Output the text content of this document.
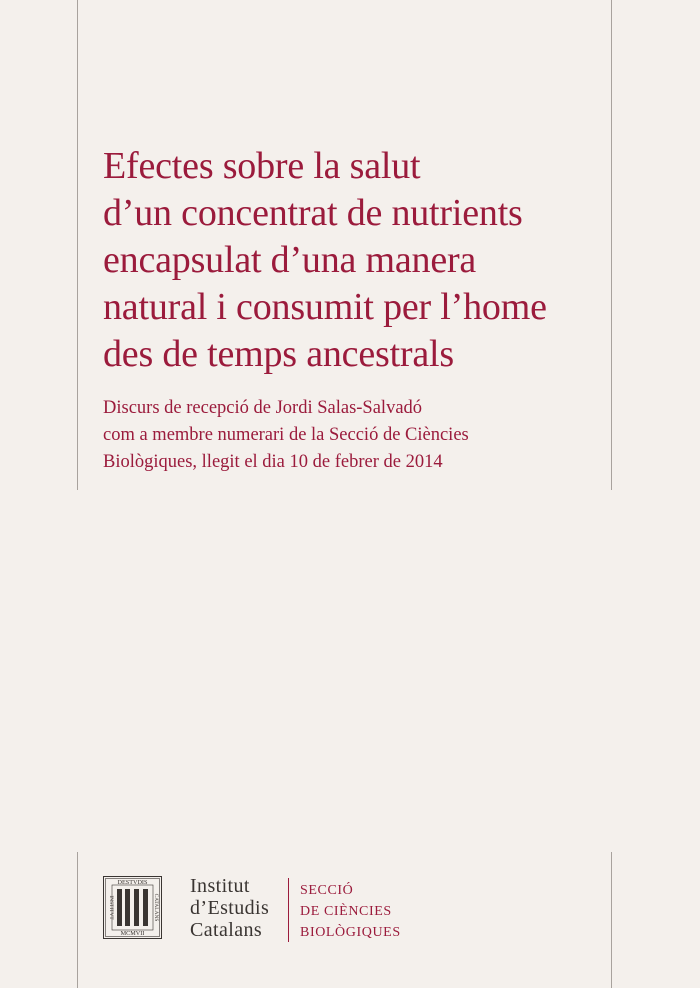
Efectes sobre la salut
d’un concentrat de nutrients
encapsulat d’una manera
natural i consumit per l’home
des de temps ancestrals

Discurs de recepció de Jordi Salas-Salvadó
com a membre numerari de la Secció de Ciències
Biològiques, llegit el dia 10 de febrer de 2014

DESTVDIS
MCMVII
INSTITVT	CATALANS

Institut
d’Estudis
Catalans

SECCIÓ
DE CIÈNCIES
BIOLÒGIQUES
